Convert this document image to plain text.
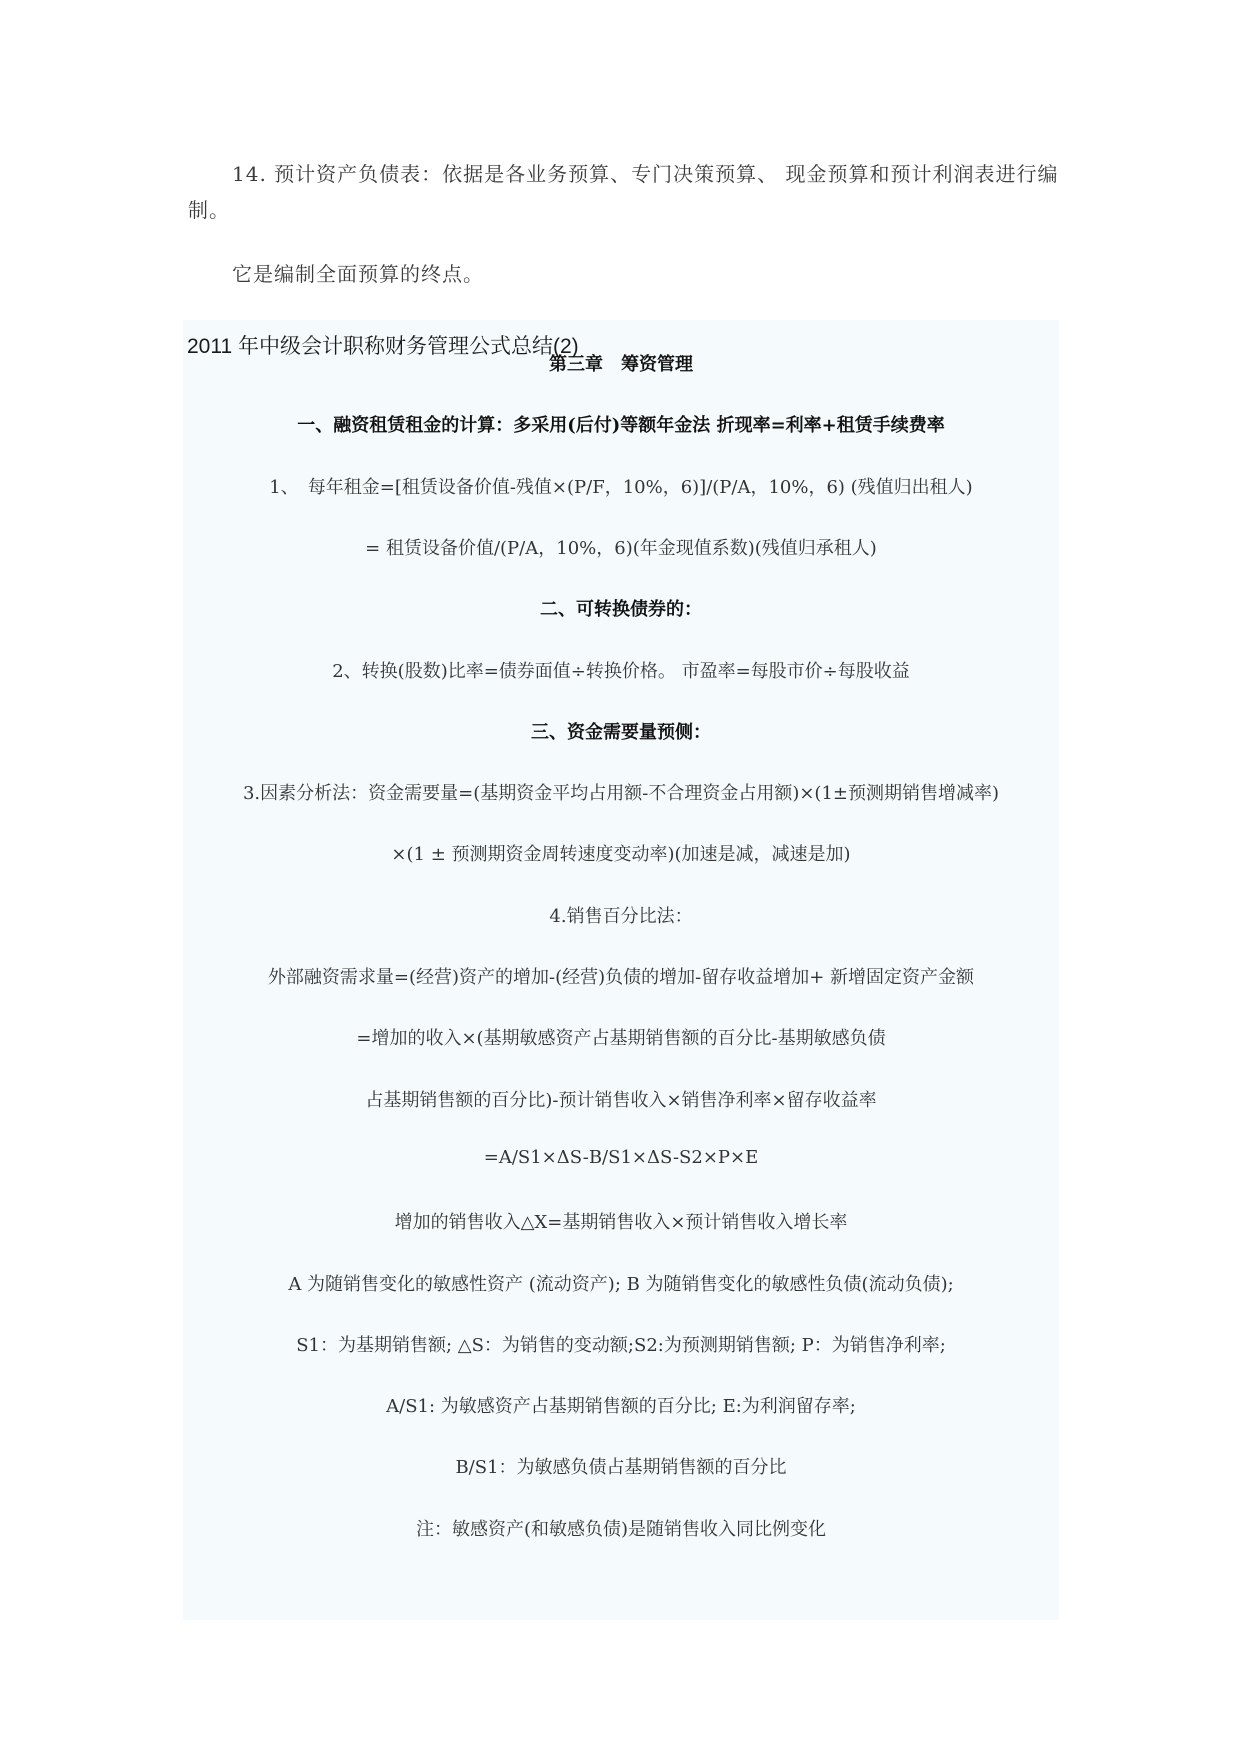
14. 预计资产负债表：依据是各业务预算、专门决策预算、 现金预算和预计利润表进行编制。

它是编制全面预算的终点。

2011 年中级会计职称财务管理公式总结(2)
第三章　筹资管理
一、融资租赁租金的计算：多采用(后付)等额年金法 折现率=利率+租赁手续费率
1、　每年租金=[租赁设备价值-残值×(P/F，10%，6)]/(P/A，10%，6) (残值归出租人)
= 租赁设备价值/(P/A，10%，6)(年金现值系数)(残值归承租人)
二、可转换债券的：
2、转换(股数)比率=债券面值÷转换价格。 市盈率=每股市价÷每股收益
三、资金需要量预侧：
3.因素分析法：资金需要量=(基期资金平均占用额-不合理资金占用额)×(1±预测期销售增减率)
×(1 ± 预测期资金周转速度变动率)(加速是减，减速是加)
4.销售百分比法：
外部融资需求量=(经营)资产的增加-(经营)负债的增加-留存收益增加+ 新增固定资产金额
=增加的收入×(基期敏感资产占基期销售额的百分比-基期敏感负债
占基期销售额的百分比)-预计销售收入×销售净利率×留存收益率
=A/S1×ΔS-B/S1×ΔS-S2×P×E
增加的销售收入△X=基期销售收入×预计销售收入增长率
A 为随销售变化的敏感性资产 (流动资产); B 为随销售变化的敏感性负债(流动负债);
S1：为基期销售额; △S：为销售的变动额;S2:为预测期销售额; P：为销售净利率;
A/S1: 为敏感资产占基期销售额的百分比; E:为利润留存率;
B/S1：为敏感负债占基期销售额的百分比
注：敏感资产(和敏感负债)是随销售收入同比例变化
